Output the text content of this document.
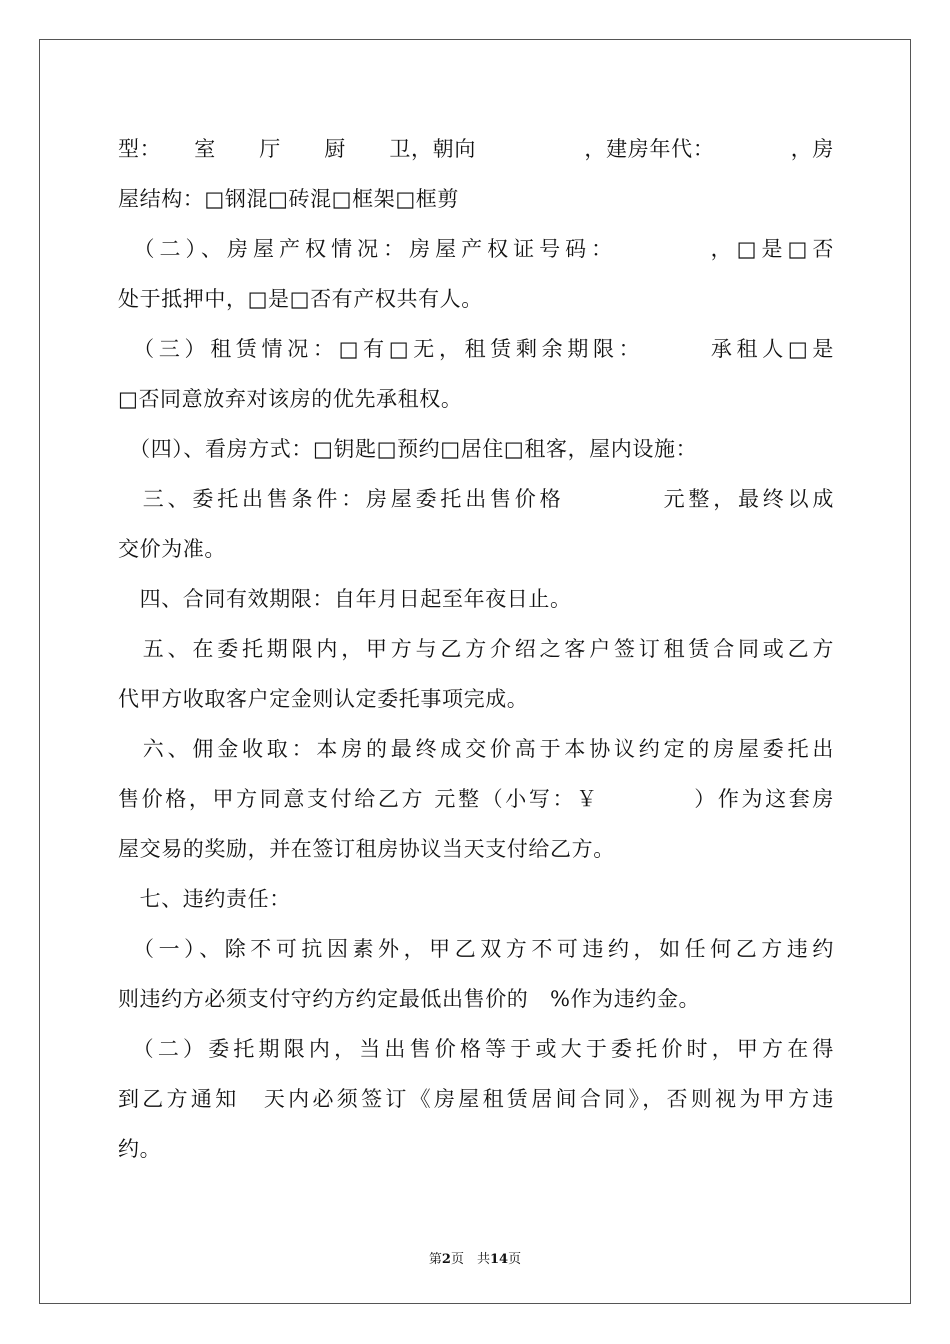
型：　　室　　厅　　厨　　卫，朝向　　　　　，建房年代：　　　　，房
屋结构：□钢混□砖混□框架□框剪
　（二）、房屋产权情况：房屋产权证号码：　　　　，□是□否
处于抵押中，□是□否有产权共有人。
　（三）租赁情况：□有□无，租赁剩余期限：　　　承租人□是
□否同意放弃对该房的优先承租权。
　（四）、看房方式：□钥匙□预约□居住□租客，屋内设施：
　三、委托出售条件：房屋委托出售价格　　　　元整，最终以成
交价为准。
　四、合同有效期限：自年月日起至年夜日止。
　五、在委托期限内，甲方与乙方介绍之客户签订租赁合同或乙方
代甲方收取客户定金则认定委托事项完成。
　六、佣金收取：本房的最终成交价高于本协议约定的房屋委托出
售价格，甲方同意支付给乙方 元整（小写：￥　　　　）作为这套房
屋交易的奖励，并在签订租房协议当天支付给乙方。
　七、违约责任：
　（一）、除不可抗因素外，甲乙双方不可违约，如任何乙方违约
则违约方必须支付守约方约定最低出售价的　%作为违约金。
　（二）委托期限内，当出售价格等于或大于委托价时，甲方在得
到乙方通知　天内必须签订《房屋租赁居间合同》，否则视为甲方违
约。
第2页　共14页
